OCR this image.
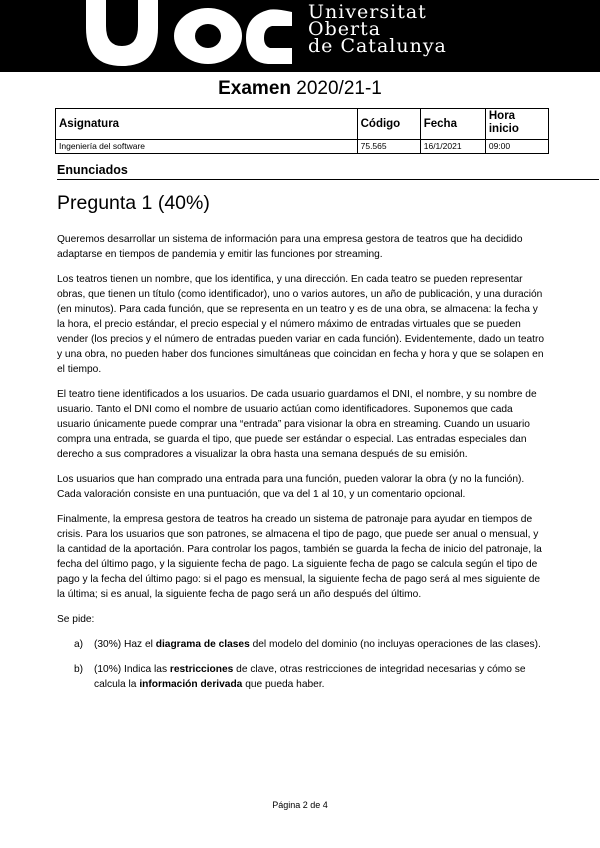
Universitat
Oberta
de Catalunya
Examen 2020/21-1
Asignatura	Código	Fecha	Hora inicio
Ingeniería del software	75.565	16/1/2021	09:00
Enunciados
Pregunta 1 (40%)

Queremos desarrollar un sistema de información para una empresa gestora de teatros que ha decidido adaptarse en tiempos de pandemia y emitir las funciones por streaming.

Los teatros tienen un nombre, que los identifica, y una dirección. En cada teatro se pueden representar obras, que tienen un título (como identificador), uno o varios autores, un año de publicación, y una duración (en minutos). Para cada función, que se representa en un teatro y es de una obra, se almacena: la fecha y la hora, el precio estándar, el precio especial y el número máximo de entradas virtuales que se pueden vender (los precios y el número de entradas pueden variar en cada función). Evidentemente, dado un teatro y una obra, no pueden haber dos funciones simultáneas que coincidan en fecha y hora y que se solapen en el tiempo.

El teatro tiene identificados a los usuarios. De cada usuario guardamos el DNI, el nombre, y su nombre de usuario. Tanto el DNI como el nombre de usuario actúan como identificadores. Suponemos que cada usuario únicamente puede comprar una “entrada” para visionar la obra en streaming. Cuando un usuario compra una entrada, se guarda el tipo, que puede ser estándar o especial. Las entradas especiales dan derecho a sus compradores a visualizar la obra hasta una semana después de su emisión.

Los usuarios que han comprado una entrada para una función, pueden valorar la obra (y no la función). Cada valoración consiste en una puntuación, que va del 1 al 10, y un comentario opcional.

Finalmente, la empresa gestora de teatros ha creado un sistema de patronaje para ayudar en tiempos de crisis. Para los usuarios que son patrones, se almacena el tipo de pago, que puede ser anual o mensual, y la cantidad de la aportación. Para controlar los pagos, también se guarda la fecha de inicio del patronaje, la fecha del último pago, y la siguiente fecha de pago. La siguiente fecha de pago se calcula según el tipo de pago y la fecha del último pago: si el pago es mensual, la siguiente fecha de pago será al mes siguiente de la última; si es anual, la siguiente fecha de pago será un año después del último.

Se pide:

a) (30%) Haz el diagrama de clases del modelo del dominio (no incluyas operaciones de las clases).
b) (10%) Indica las restricciones de clave, otras restricciones de integridad necesarias y cómo se calcula la información derivada que pueda haber.
Página 2 de 4
